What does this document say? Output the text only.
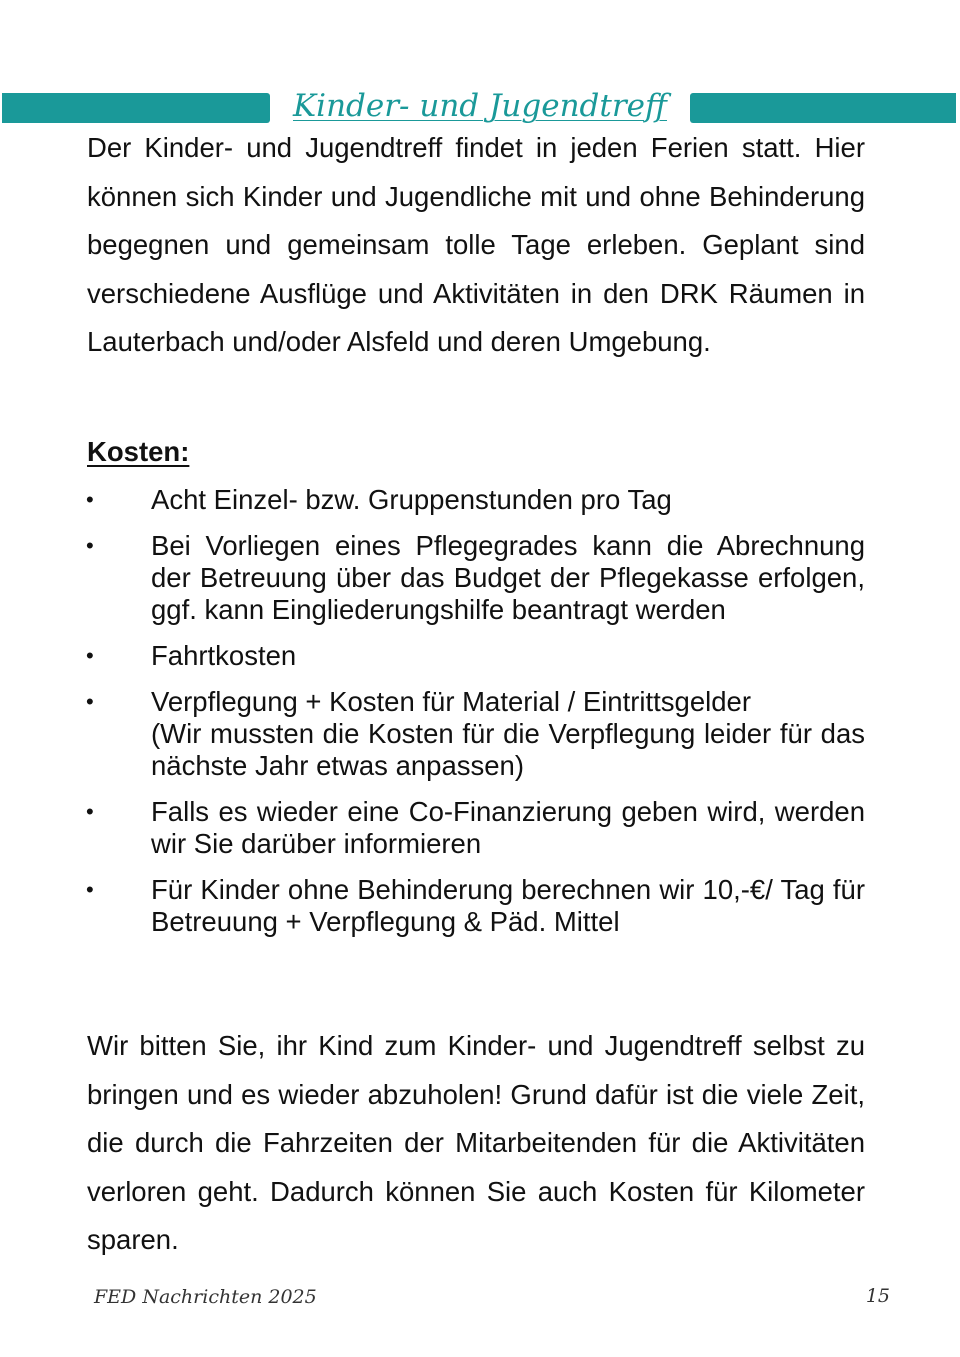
Kinder- und Jugendtreff

Der Kinder- und Jugendtreff findet in jeden Ferien statt. Hier können sich Kinder und Jugendliche mit und ohne Behinderung begegnen und gemeinsam tolle Tage erleben. Geplant sind verschiedene Ausflüge und Aktivitäten in den DRK Räumen in Lauterbach und/oder Alsfeld und deren Umgebung.

Kosten:
• Acht Einzel- bzw. Gruppenstunden pro Tag
• Bei Vorliegen eines Pflegegrades kann die Abrechnung der Betreuung über das Budget der Pflegekasse erfolgen, ggf. kann Eingliederungshilfe beantragt werden
• Fahrtkosten
• Verpflegung + Kosten für Material / Eintrittsgelder
(Wir mussten die Kosten für die Verpflegung leider für das nächste Jahr etwas anpassen)
• Falls es wieder eine Co-Finanzierung geben wird, werden wir Sie darüber informieren
• Für Kinder ohne Behinderung berechnen wir 10,-€/ Tag für Betreuung + Verpflegung & Päd. Mittel

Wir bitten Sie, ihr Kind zum Kinder- und Jugendtreff selbst zu bringen und es wieder abzuholen! Grund dafür ist die viele Zeit, die durch die Fahrzeiten der Mitarbeitenden für die Aktivitäten verloren geht. Dadurch können Sie auch Kosten für Kilometer sparen.

FED Nachrichten 2025	15
